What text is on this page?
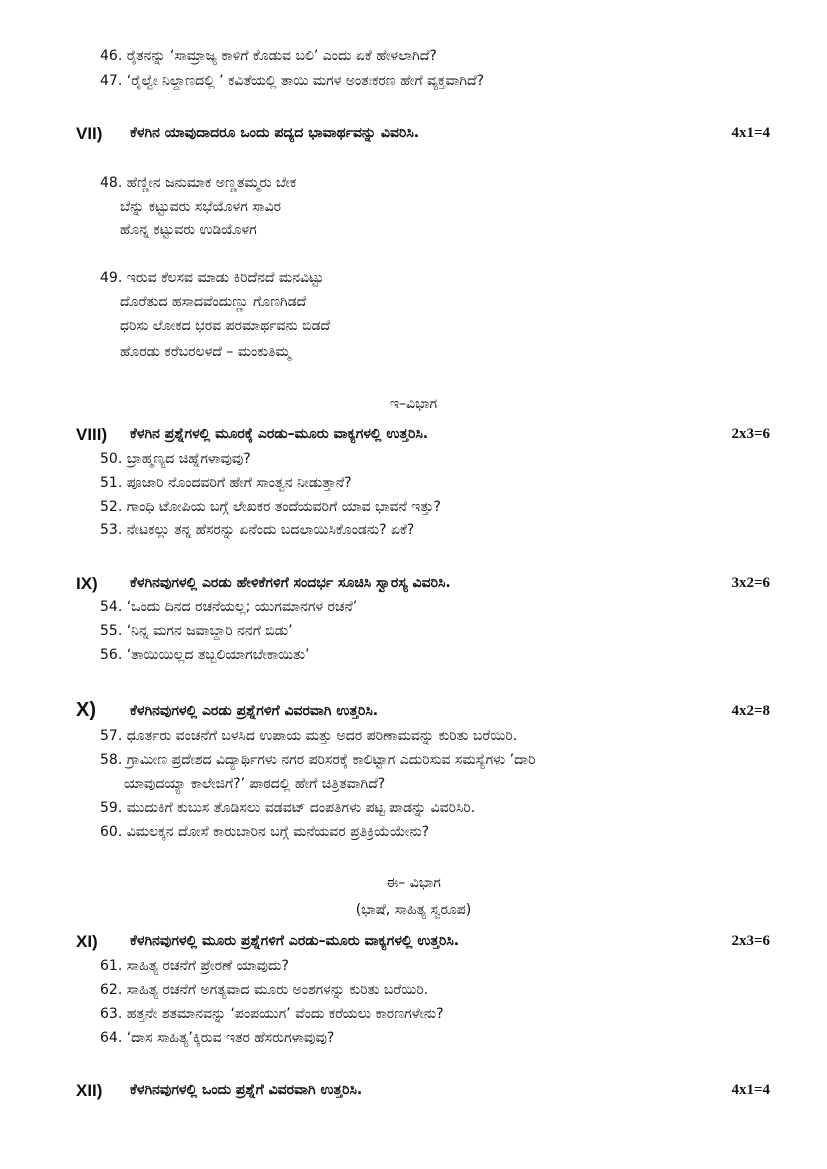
46. ರೈತನನ್ನು ‘ಸಾಮ್ರಾಜ್ಯ ಕಾಳಿಗೆ ಕೊಡುವ ಬಲಿ’ ಎಂದು ಏಕೆ ಹೇಳಲಾಗಿದೆ?
47. ‘ರೈಲ್ವೇ ನಿಲ್ದಾಣದಲ್ಲಿ ’ ಕವಿತೆಯಲ್ಲಿ ತಾಯಿ ಮಗಳ ಅಂತಃಕರಣ ಹೇಗೆ ವ್ಯಕ್ತವಾಗಿದೆ?
VII) ಕೆಳಗಿನ ಯಾವುದಾದರೂ ಒಂದು ಪದ್ಯದ ಭಾವಾರ್ಥವನ್ನು ವಿವರಿಸಿ.	4x1=4
48. ಹೆಣ್ಣೀನ ಜನುಮಾಕ ಅಣ್ಣತಮ್ಮರು ಬೇಕ
ಬೆನ್ನು ಕಟ್ಟುವರು ಸಭೆಯೊಳಗ ಸಾವಿರ
ಹೊನ್ನ ಕಟ್ಟುವರು ಉಡಿಯೊಳಗ
49. ಇರುವ ಕೆಲಸವ ಮಾಡು ಕಿರಿದೆನದೆ ಮನವಿಟ್ಟು
ದೊರೆತುದ ಹಸಾದವೆಂದುಣ್ಣು ಗೊಣಗಿಡದೆ
ಧರಿಸು ಲೋಕದ ಭರವ ಪರಮಾರ್ಥವನು ಬಿಡದೆ
ಹೊರಡು ಕರೆಬರಲಳದೆ – ಮಂಕುತಿಮ್ಮ
ಇ–ವಿಭಾಗ
VIII) ಕೆಳಗಿನ ಪ್ರಶ್ನೆಗಳಲ್ಲಿ ಮೂರಕ್ಕೆ ಎರಡು–ಮೂರು ವಾಕ್ಯಗಳಲ್ಲಿ ಉತ್ತರಿಸಿ.	2x3=6
50. ಬ್ರಾಹ್ಮಣ್ಯದ ಚಿಹ್ನೆಗಳಾವುವು?
51. ಪೂಜಾರಿ ನೊಂದವರಿಗೆ ಹೇಗೆ ಸಾಂತ್ವನ ನೀಡುತ್ತಾನೆ?
52. ಗಾಂಧಿ ಟೋಪಿಯ ಬಗ್ಗೆ ಲೇಖಕರ ತಂದೆಯವರಿಗೆ ಯಾವ ಭಾವನೆ ಇತ್ತು?
53. ನೇಟಕಲ್ಲು ತನ್ನ ಹೆಸರನ್ನು ಏನೆಂದು ಬದಲಾಯಿಸಿಕೊಂಡನು? ಏಕೆ?
IX) ಕೆಳಗಿನವುಗಳಲ್ಲಿ ಎರಡು ಹೇಳಿಕೆಗಳಿಗೆ ಸಂದರ್ಭ ಸೂಚಿಸಿ ಸ್ವಾರಸ್ಯ ವಿವರಿಸಿ.	3x2=6
54. ‘ಒಂದು ದಿನದ ರಚನೆಯಲ್ಲ; ಯುಗಮಾನಗಳ ರಚನೆ’
55. ‘ನಿನ್ನ ಮಗನ ಜವಾಬ್ದಾರಿ ನನಗೆ ಬಿಡು’
56. ‘ತಾಯಿಯಿಲ್ಲದ ತಬ್ಬಲಿಯಾಗಬೇಕಾಯಿತು’
X) ಕೆಳಗಿನವುಗಳಲ್ಲಿ ಎರಡು ಪ್ರಶ್ನೆಗಳಿಗೆ ವಿವರವಾಗಿ ಉತ್ತರಿಸಿ.	4x2=8
57. ಧೂರ್ತರು ವಂಚನೆಗೆ ಬಳಸಿದ ಉಪಾಯ ಮತ್ತು ಅದರ ಪರಿಣಾಮವನ್ನು ಕುರಿತು ಬರೆಯಿರಿ.
58. ಗ್ರಾಮೀಣ ಪ್ರದೇಶದ ವಿದ್ಯಾರ್ಥಿಗಳು ನಗರ ಪರಿಸರಕ್ಕೆ ಕಾಲಿಟ್ಟಾಗ ಎದುರಿಸುವ ಸಮಸ್ಯೆಗಳು ’ದಾರಿ
ಯಾವುದಯ್ಯಾ ಕಾಲೇಜಿಗೆ?’ ಪಾಠದಲ್ಲಿ ಹೇಗೆ ಚಿತ್ರಿತವಾಗಿದೆ?
59. ಮುದುಕಿಗೆ ಕುಬುಸ ತೊಡಿಸಲು ವಡವಟ್ ದಂಪತಿಗಳು ಪಟ್ಟ ಪಾಡನ್ನು ವಿವರಿಸಿರಿ.
60. ವಿಮಲಕ್ಕನ ದೋಸೆ ಕಾರುಬಾರಿನ ಬಗ್ಗೆ ಮನೆಯವರ ಪ್ರತಿಕ್ರಿಯೆಯೇನು?
ಈ– ವಿಭಾಗ
(ಭಾಷೆ, ಸಾಹಿತ್ಯ ಸ್ವರೂಪ)
XI) ಕೆಳಗಿನವುಗಳಲ್ಲಿ ಮೂರು ಪ್ರಶ್ನೆಗಳಿಗೆ ಎರಡು–ಮೂರು ವಾಕ್ಯಗಳಲ್ಲಿ ಉತ್ತರಿಸಿ.	2x3=6
61. ಸಾಹಿತ್ಯ ರಚನೆಗೆ ಪ್ರೇರಣೆ ಯಾವುದು?
62. ಸಾಹಿತ್ಯ ರಚನೆಗೆ ಅಗತ್ಯವಾದ ಮೂರು ಅಂಶಗಳನ್ನು ಕುರಿತು ಬರೆಯಿರಿ.
63. ಹತ್ತನೇ ಶತಮಾನವನ್ನು ‘ಪಂಪಯುಗ’ ವೆಂದು ಕರೆಯಲು ಕಾರಣಗಳೇನು?
64. ‘ದಾಸ ಸಾಹಿತ್ಯ’ಕ್ಕಿರುವ ಇತರ ಹೆಸರುಗಳಾವುವು?
XII) ಕೆಳಗಿನವುಗಳಲ್ಲಿ ಒಂದು ಪ್ರಶ್ನೆಗೆ ವಿವರವಾಗಿ ಉತ್ತರಿಸಿ.	4x1=4
